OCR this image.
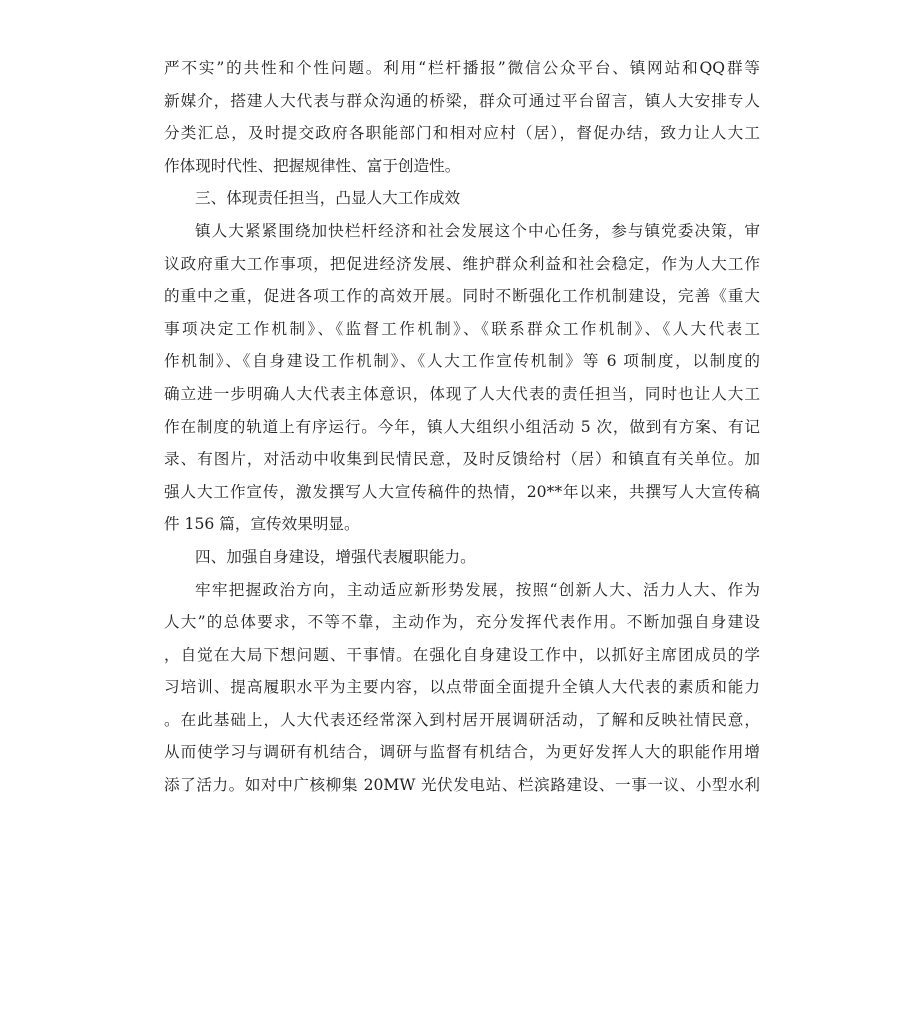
严不实”的共性和个性问题。利用“栏杆播报”微信公众平台、镇网站和QQ群等
新媒介，搭建人大代表与群众沟通的桥梁，群众可通过平台留言，镇人大安排专人
分类汇总，及时提交政府各职能部门和相对应村（居），督促办结，致力让人大工
作体现时代性、把握规律性、富于创造性。
三、体现责任担当，凸显人大工作成效
镇人大紧紧围绕加快栏杆经济和社会发展这个中心任务，参与镇党委决策，审
议政府重大工作事项，把促进经济发展、维护群众利益和社会稳定，作为人大工作
的重中之重，促进各项工作的高效开展。同时不断强化工作机制建设，完善《重大
事项决定工作机制》、《监督工作机制》、《联系群众工作机制》、《人大代表工
作机制》、《自身建设工作机制》、《人大工作宣传机制》等 6 项制度，以制度的
确立进一步明确人大代表主体意识，体现了人大代表的责任担当，同时也让人大工
作在制度的轨道上有序运行。今年，镇人大组织小组活动 5 次，做到有方案、有记
录、有图片，对活动中收集到民情民意，及时反馈给村（居）和镇直有关单位。加
强人大工作宣传，激发撰写人大宣传稿件的热情，20**年以来，共撰写人大宣传稿
件 156 篇，宣传效果明显。
四、加强自身建设，增强代表履职能力。
牢牢把握政治方向，主动适应新形势发展，按照“创新人大、活力人大、作为
人大”的总体要求，不等不靠，主动作为，充分发挥代表作用。不断加强自身建设
，自觉在大局下想问题、干事情。在强化自身建设工作中，以抓好主席团成员的学
习培训、提高履职水平为主要内容，以点带面全面提升全镇人大代表的素质和能力
。在此基础上，人大代表还经常深入到村居开展调研活动，了解和反映社情民意，
从而使学习与调研有机结合，调研与监督有机结合，为更好发挥人大的职能作用增
添了活力。如对中广核柳集 20MW 光伏发电站、栏滨路建设、一事一议、小型水利
